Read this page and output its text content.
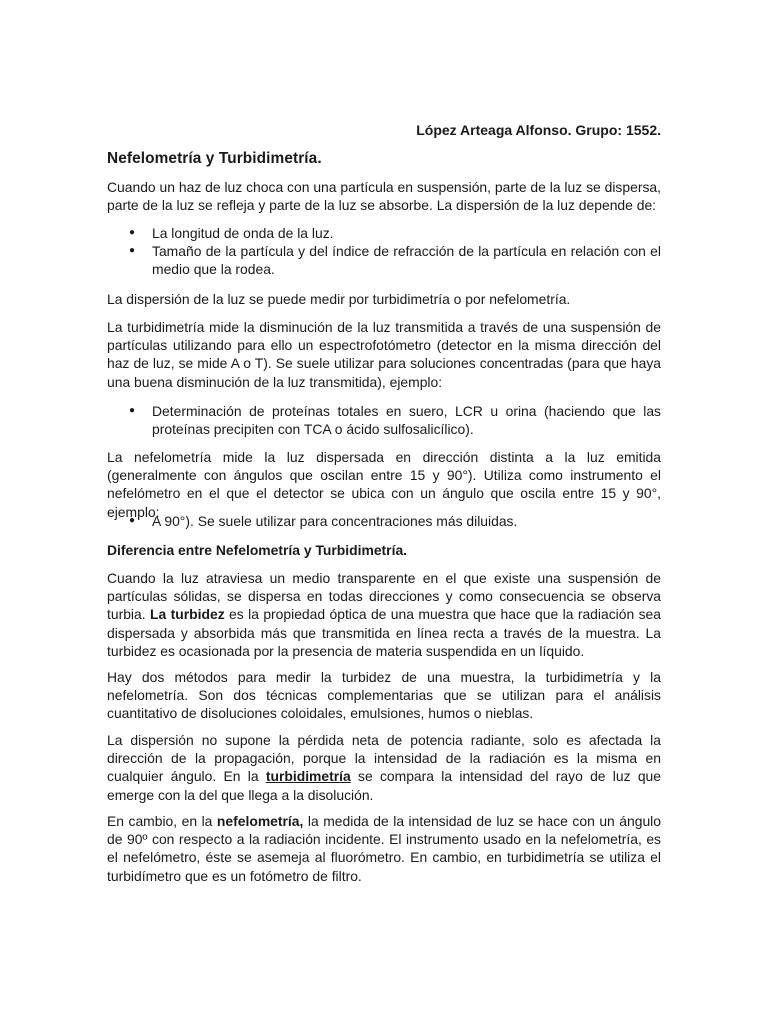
López Arteaga Alfonso. Grupo: 1552.

Nefelometría y Turbidimetría.

Cuando un haz de luz choca con una partícula en suspensión, parte de la luz se dispersa, parte de la luz se refleja y parte de la luz se absorbe. La dispersión de la luz depende de:

● La longitud de onda de la luz.
● Tamaño de la partícula y del índice de refracción de la partícula en relación con el medio que la rodea.

La dispersión de la luz se puede medir por turbidimetría o por nefelometría.

La turbidimetría mide la disminución de la luz transmitida a través de una suspensión de partículas utilizando para ello un espectrofotómetro (detector en la misma dirección del haz de luz, se mide A o T). Se suele utilizar para soluciones concentradas (para que haya una buena disminución de la luz transmitida), ejemplo:

● Determinación de proteínas totales en suero, LCR u orina (haciendo que las proteínas precipiten con TCA o ácido sulfosalicílico).

La nefelometría mide la luz dispersada en dirección distinta a la luz emitida (generalmente con ángulos que oscilan entre 15 y 90°). Utiliza como instrumento el nefelómetro en el que el detector se ubica con un ángulo que oscila entre 15 y 90°, ejemplo:

● A 90°). Se suele utilizar para concentraciones más diluidas.

Diferencia entre Nefelometría y Turbidimetría.

Cuando la luz atraviesa un medio transparente en el que existe una suspensión de partículas sólidas, se dispersa en todas direcciones y como consecuencia se observa turbia. La turbidez es la propiedad óptica de una muestra que hace que la radiación sea dispersada y absorbida más que transmitida en línea recta a través de la muestra. La turbidez es ocasionada por la presencia de materia suspendida en un líquido.

Hay dos métodos para medir la turbidez de una muestra, la turbidimetría y la nefelometría. Son dos técnicas complementarias que se utilizan para el análisis cuantitativo de disoluciones coloidales, emulsiones, humos o nieblas.

La dispersión no supone la pérdida neta de potencia radiante, solo es afectada la dirección de la propagación, porque la intensidad de la radiación es la misma en cualquier ángulo. En la turbidimetría se compara la intensidad del rayo de luz que emerge con la del que llega a la disolución.

En cambio, en la nefelometría, la medida de la intensidad de luz se hace con un ángulo de 90º con respecto a la radiación incidente. El instrumento usado en la nefelometría, es el nefelómetro, éste se asemeja al fluorómetro. En cambio, en turbidimetría se utiliza el turbidímetro que es un fotómetro de filtro.
